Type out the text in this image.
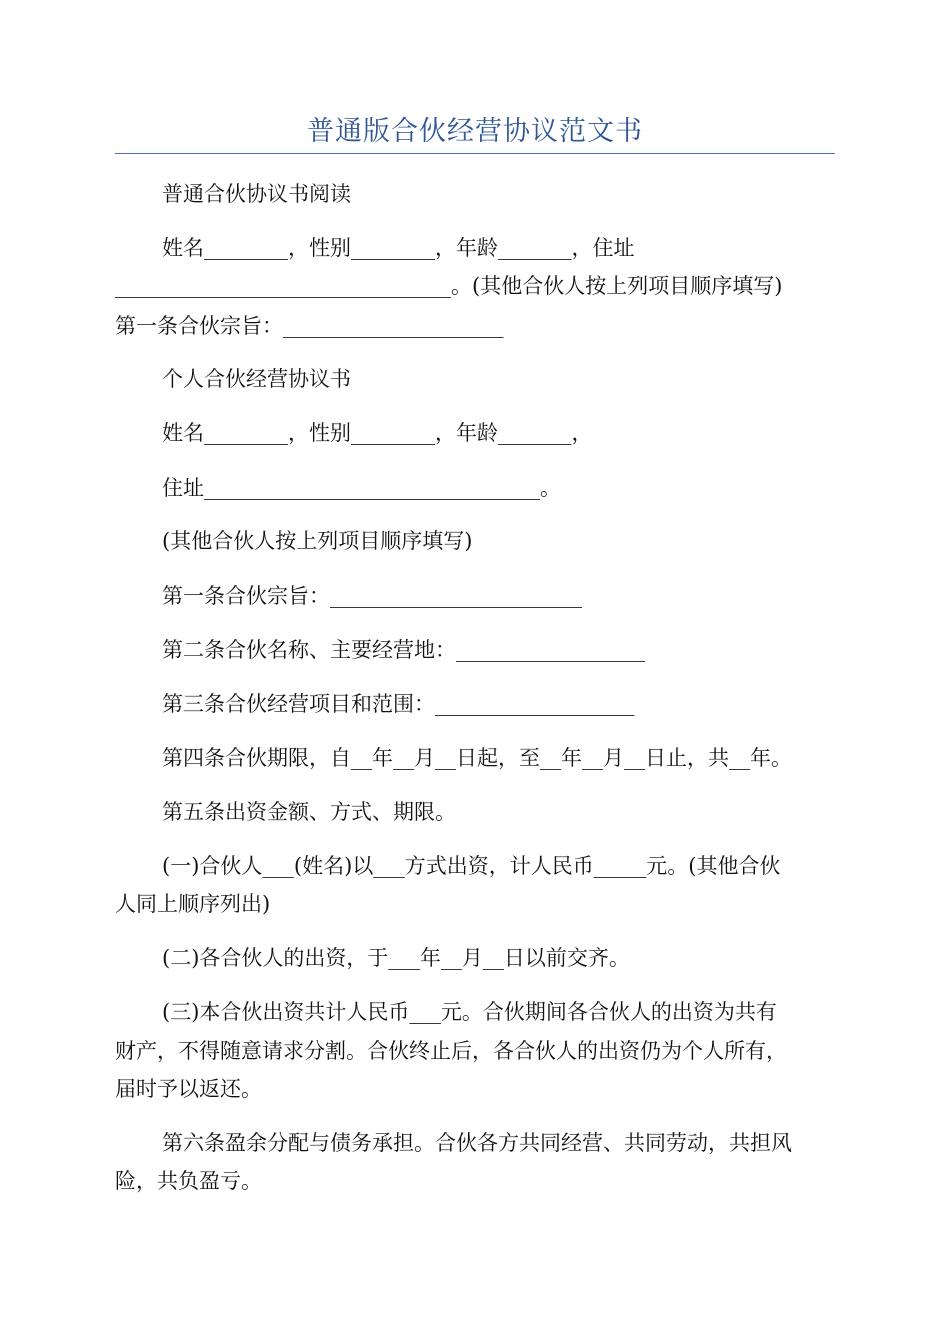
普通版合伙经营协议范文书
普通合伙协议书阅读
姓名________，性别________，年龄_______，住址
________________________________。(其他合伙人按上列项目顺序填写)
第一条合伙宗旨：_____________________
个人合伙经营协议书
姓名________，性别________，年龄_______，
住址________________________________。
(其他合伙人按上列项目顺序填写)
第一条合伙宗旨：________________________
第二条合伙名称、主要经营地：__________________
第三条合伙经营项目和范围：___________________
第四条合伙期限，自__年__月__日起，至__年__月__日止，共__年。
第五条出资金额、方式、期限。
(一)合伙人___(姓名)以___方式出资，计人民币_____元。(其他合伙
人同上顺序列出)
(二)各合伙人的出资，于___年__月__日以前交齐。
(三)本合伙出资共计人民币___元。合伙期间各合伙人的出资为共有
财产，不得随意请求分割。合伙终止后，各合伙人的出资仍为个人所有，
届时予以返还。
第六条盈余分配与债务承担。合伙各方共同经营、共同劳动，共担风
险，共负盈亏。
